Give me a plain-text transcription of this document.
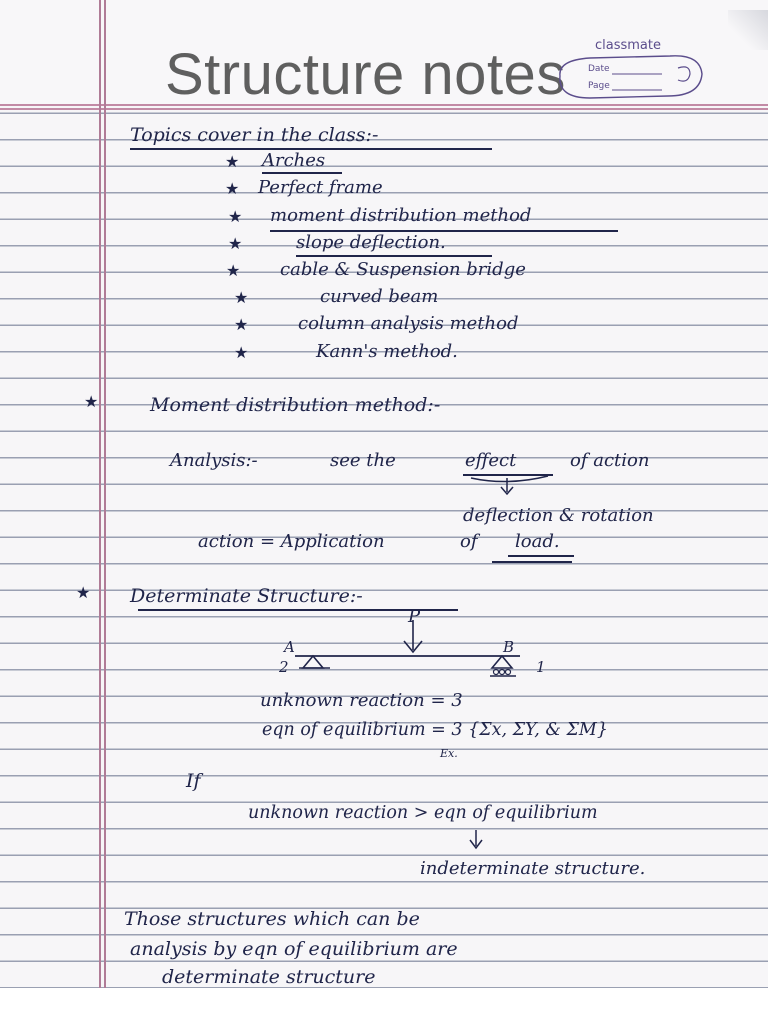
Structure notes classmate
Date
Page
Topics cover in the class:-
★ Arches
★ Perfect frame
★ moment distribution method
★	slope deflection.
★ cable & Suspension bridge
★	curved beam
★	column analysis method
★	Kann's method.
★	Moment distribution method:-
Analysis:-	see the	effect	of action
deflection & rotation
action = Application	of load.
★ Determinate Structure:-
P
A	B
2	1
unknown reaction = 3
eqn of equilibrium = 3 {Σx, ΣY, & ΣM}
Ex.
If
unknown reaction > eqn of equilibrium
indeterminate structure.
Those structures which can be
analysis by eqn of equilibrium are
determinate structure
